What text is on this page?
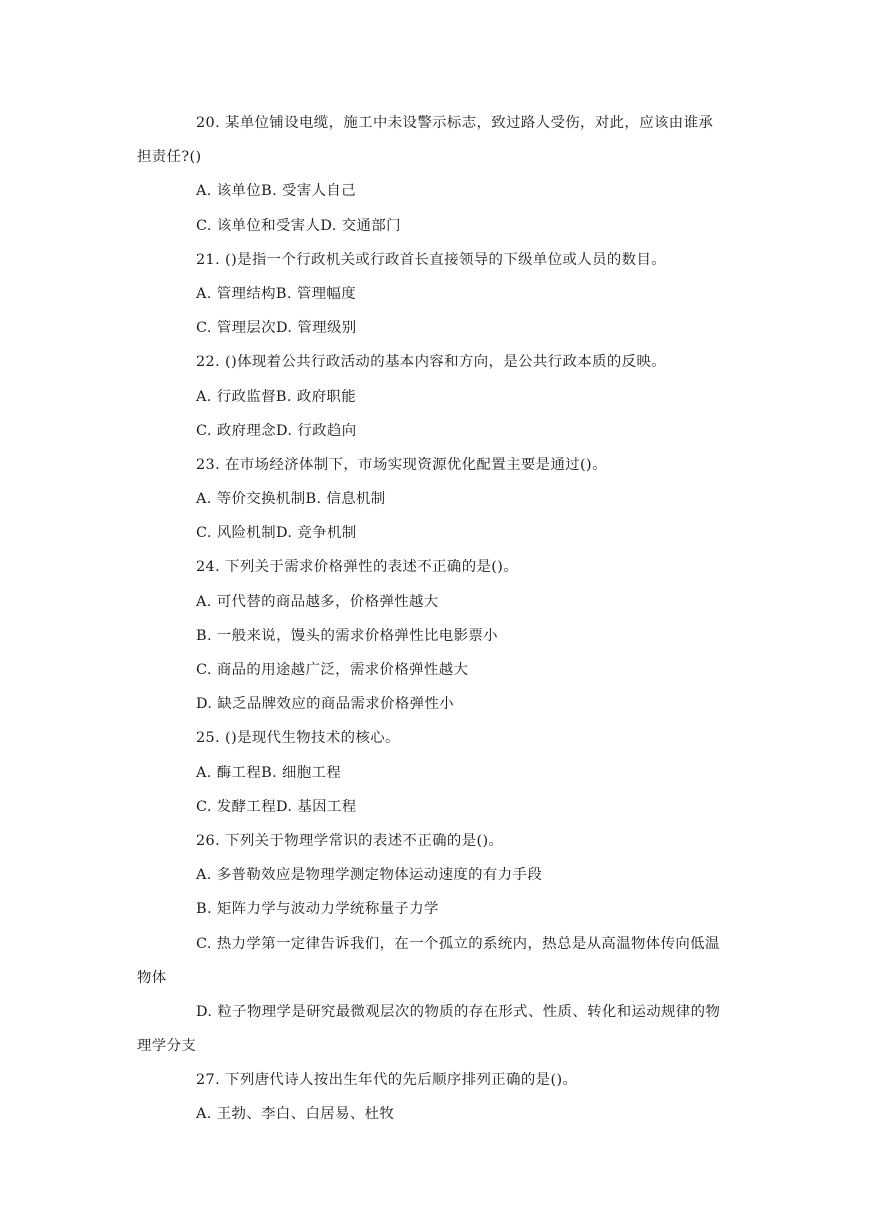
20. 某单位铺设电缆，施工中未设警示标志，致过路人受伤，对此，应该由谁承
担责任?()
A. 该单位B. 受害人自己
C. 该单位和受害人D. 交通部门
21. ()是指一个行政机关或行政首长直接领导的下级单位或人员的数目。
A. 管理结构B. 管理幅度
C. 管理层次D. 管理级别
22. ()体现着公共行政活动的基本内容和方向，是公共行政本质的反映。
A. 行政监督B. 政府职能
C. 政府理念D. 行政趋向
23. 在市场经济体制下，市场实现资源优化配置主要是通过()。
A. 等价交换机制B. 信息机制
C. 风险机制D. 竞争机制
24. 下列关于需求价格弹性的表述不正确的是()。
A. 可代替的商品越多，价格弹性越大
B. 一般来说，馒头的需求价格弹性比电影票小
C. 商品的用途越广泛，需求价格弹性越大
D. 缺乏品牌效应的商品需求价格弹性小
25. ()是现代生物技术的核心。
A. 酶工程B. 细胞工程
C. 发酵工程D. 基因工程
26. 下列关于物理学常识的表述不正确的是()。
A. 多普勒效应是物理学测定物体运动速度的有力手段
B. 矩阵力学与波动力学统称量子力学
C. 热力学第一定律告诉我们，在一个孤立的系统内，热总是从高温物体传向低温
物体
D. 粒子物理学是研究最微观层次的物质的存在形式、性质、转化和运动规律的物
理学分支
27. 下列唐代诗人按出生年代的先后顺序排列正确的是()。
A. 王勃、李白、白居易、杜牧
